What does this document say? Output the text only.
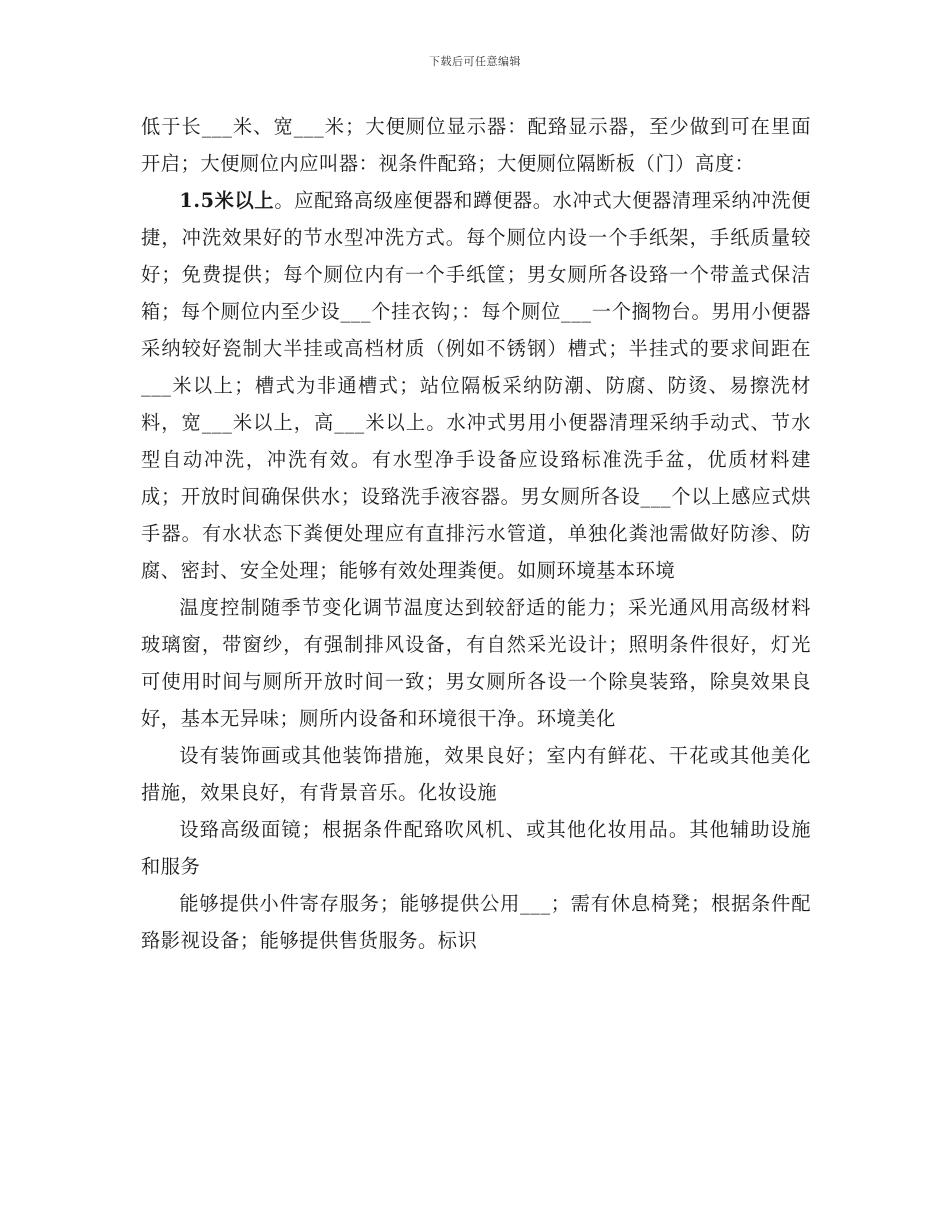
下载后可任意编辑

低于长___米、宽___米；大便厕位显示器：配臵显示器，至少做到可在里面开启；大便厕位内应叫器：视条件配臵；大便厕位隔断板（门）高度：

1.5米以上。应配臵高级座便器和蹲便器。水冲式大便器清理采纳冲洗便捷，冲洗效果好的节水型冲洗方式。每个厕位内设一个手纸架，手纸质量较好；免费提供；每个厕位内有一个手纸筐；男女厕所各设臵一个带盖式保洁箱；每个厕位内至少设___个挂衣钩；：每个厕位___一个搁物台。男用小便器采纳较好瓷制大半挂或高档材质（例如不锈钢）槽式；半挂式的要求间距在___米以上；槽式为非通槽式；站位隔板采纳防潮、防腐、防烫、易擦洗材料，宽___米以上，高___米以上。水冲式男用小便器清理采纳手动式、节水型自动冲洗，冲洗有效。有水型净手设备应设臵标准洗手盆，优质材料建成；开放时间确保供水；设臵洗手液容器。男女厕所各设___个以上感应式烘手器。有水状态下粪便处理应有直排污水管道，单独化粪池需做好防渗、防腐、密封、安全处理；能够有效处理粪便。如厕环境基本环境

温度控制随季节变化调节温度达到较舒适的能力；采光通风用高级材料玻璃窗，带窗纱，有强制排风设备，有自然采光设计；照明条件很好，灯光可使用时间与厕所开放时间一致；男女厕所各设一个除臭装臵，除臭效果良好，基本无异味；厕所内设备和环境很干净。环境美化

设有装饰画或其他装饰措施，效果良好；室内有鲜花、干花或其他美化措施，效果良好，有背景音乐。化妆设施

设臵高级面镜；根据条件配臵吹风机、或其他化妆用品。其他辅助设施和服务

能够提供小件寄存服务；能够提供公用___；需有休息椅凳；根据条件配臵影视设备；能够提供售货服务。标识
